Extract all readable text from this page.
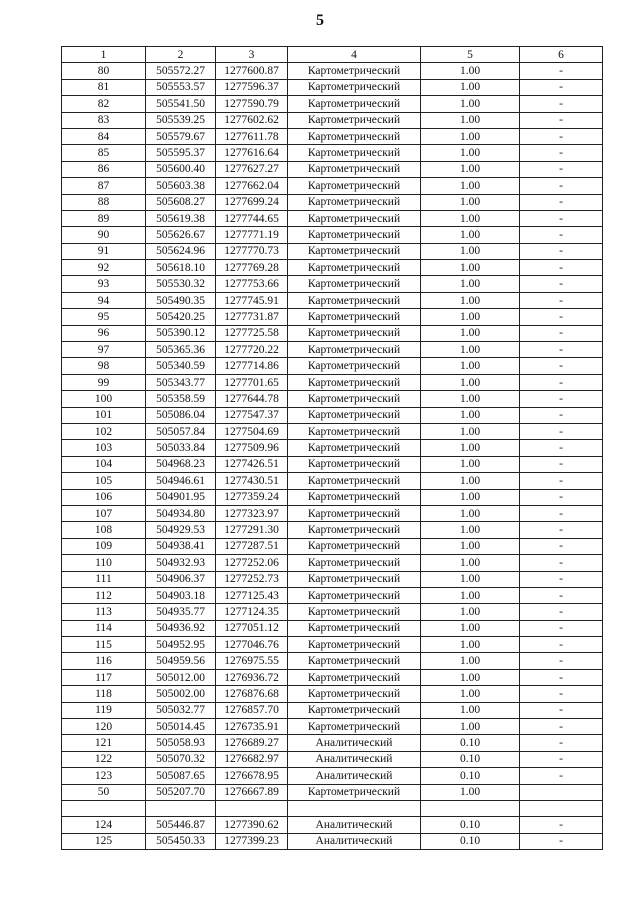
5
1	2	3	4	5	6
80	505572.27	1277600.87	Картометрический	1.00	-
81	505553.57	1277596.37	Картометрический	1.00	-
82	505541.50	1277590.79	Картометрический	1.00	-
83	505539.25	1277602.62	Картометрический	1.00	-
84	505579.67	1277611.78	Картометрический	1.00	-
85	505595.37	1277616.64	Картометрический	1.00	-
86	505600.40	1277627.27	Картометрический	1.00	-
87	505603.38	1277662.04	Картометрический	1.00	-
88	505608.27	1277699.24	Картометрический	1.00	-
89	505619.38	1277744.65	Картометрический	1.00	-
90	505626.67	1277771.19	Картометрический	1.00	-
91	505624.96	1277770.73	Картометрический	1.00	-
92	505618.10	1277769.28	Картометрический	1.00	-
93	505530.32	1277753.66	Картометрический	1.00	-
94	505490.35	1277745.91	Картометрический	1.00	-
95	505420.25	1277731.87	Картометрический	1.00	-
96	505390.12	1277725.58	Картометрический	1.00	-
97	505365.36	1277720.22	Картометрический	1.00	-
98	505340.59	1277714.86	Картометрический	1.00	-
99	505343.77	1277701.65	Картометрический	1.00	-
100	505358.59	1277644.78	Картометрический	1.00	-
101	505086.04	1277547.37	Картометрический	1.00	-
102	505057.84	1277504.69	Картометрический	1.00	-
103	505033.84	1277509.96	Картометрический	1.00	-
104	504968.23	1277426.51	Картометрический	1.00	-
105	504946.61	1277430.51	Картометрический	1.00	-
106	504901.95	1277359.24	Картометрический	1.00	-
107	504934.80	1277323.97	Картометрический	1.00	-
108	504929.53	1277291.30	Картометрический	1.00	-
109	504938.41	1277287.51	Картометрический	1.00	-
110	504932.93	1277252.06	Картометрический	1.00	-
111	504906.37	1277252.73	Картометрический	1.00	-
112	504903.18	1277125.43	Картометрический	1.00	-
113	504935.77	1277124.35	Картометрический	1.00	-
114	504936.92	1277051.12	Картометрический	1.00	-
115	504952.95	1277046.76	Картометрический	1.00	-
116	504959.56	1276975.55	Картометрический	1.00	-
117	505012.00	1276936.72	Картометрический	1.00	-
118	505002.00	1276876.68	Картометрический	1.00	-
119	505032.77	1276857.70	Картометрический	1.00	-
120	505014.45	1276735.91	Картометрический	1.00	-
121	505058.93	1276689.27	Аналитический	0.10	-
122	505070.32	1276682.97	Аналитический	0.10	-
123	505087.65	1276678.95	Аналитический	0.10	-
50	505207.70	1276667.89	Картометрический	1.00	

124	505446.87	1277390.62	Аналитический	0.10	-
125	505450.33	1277399.23	Аналитический	0.10	-
